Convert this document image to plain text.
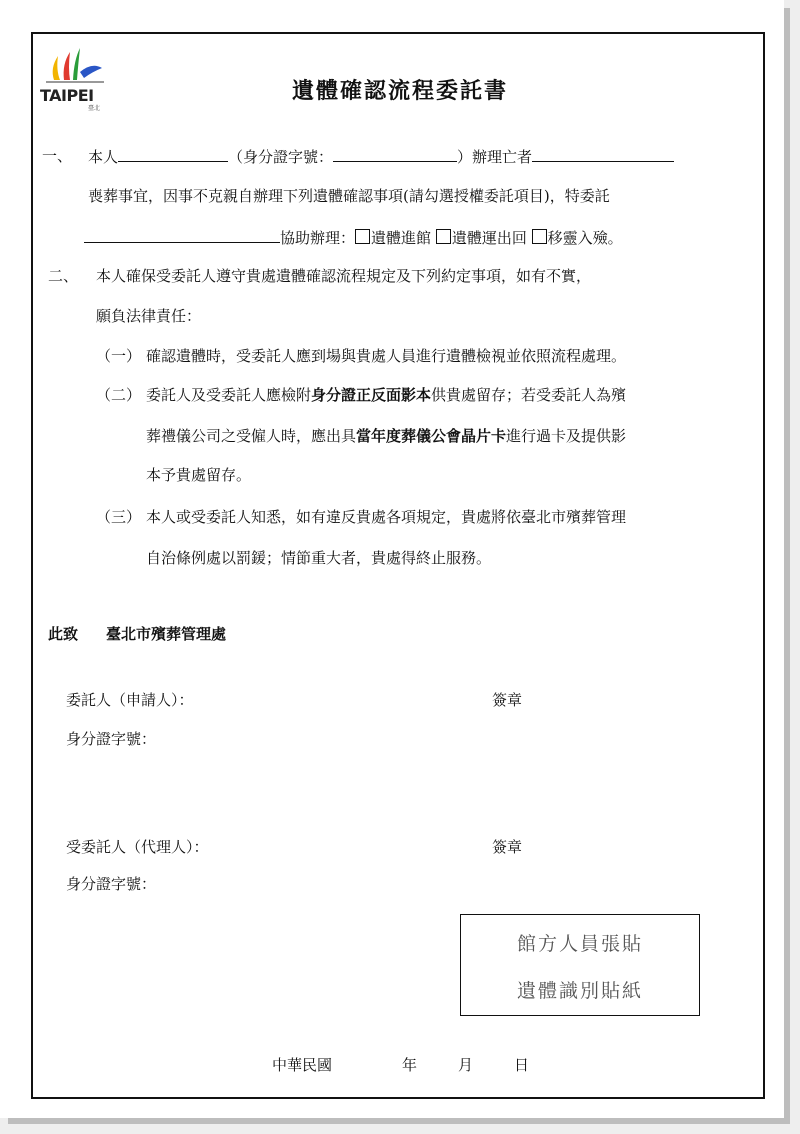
TAIPEI
臺北
遺體確認流程委託書
一、 本人	（身分證字號：	）辦理亡者
喪葬事宜，因事不克親自辦理下列遺體確認事項(請勾選授權委託項目)，特委託
協助辦理： 遺體進館 遺體運出回 移靈入殮。
二、 本人確保受委託人遵守貴處遺體確認流程規定及下列約定事項，如有不實，
願負法律責任：
（一） 確認遺體時，受委託人應到場與貴處人員進行遺體檢視並依照流程處理。
（二） 委託人及受委託人應檢附身分證正反面影本供貴處留存；若受委託人為殯
葬禮儀公司之受僱人時，應出具當年度葬儀公會晶片卡進行過卡及提供影
本予貴處留存。
（三） 本人或受委託人知悉，如有違反貴處各項規定，貴處將依臺北市殯葬管理
自治條例處以罰鍰；情節重大者，貴處得終止服務。
此致 臺北市殯葬管理處
委託人（申請人）：	簽章
身分證字號：
受委託人（代理人）：	簽章
身分證字號：
館方人員張貼
遺體識別貼紙
中華民國	年	月	日
